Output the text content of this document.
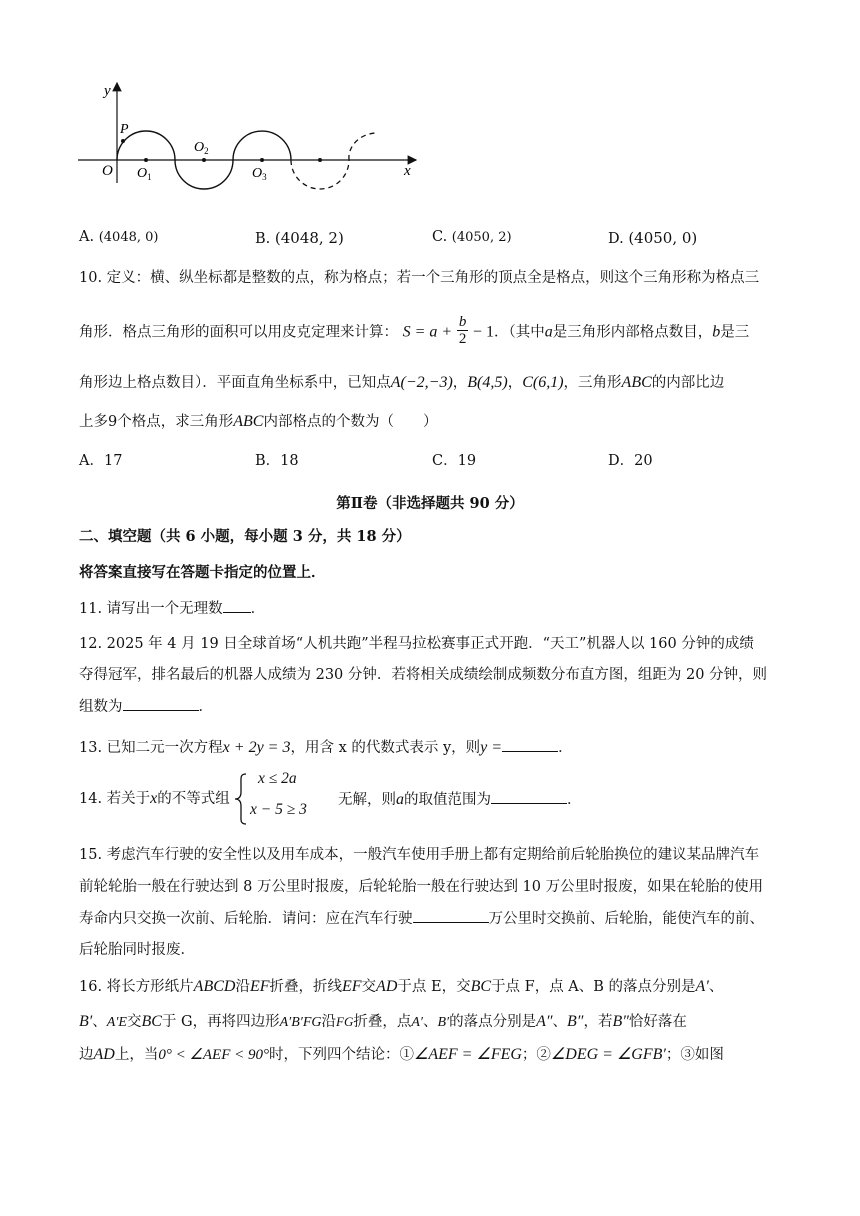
y
x
O
P
$O_1$
$O_2$
$O_3$
A. (4048, 0)	B. (4048, 2)	C. (4050, 2)	D. (4050, 0)
10. 定义：横、纵坐标都是整数的点，称为格点；若一个三角形的顶点全是格点，则这个三角形称为格点三
角形．格点三角形的面积可以用皮克定理来计算： $S = a + \frac{b}{2} - 1$．（其中a是三角形内部格点数目，b是三
角形边上格点数目）．平面直角坐标系中，已知点A(−2,−3)，B(4,5)，C(6,1)，三角形ABC的内部比边
上多9个格点，求三角形ABC内部格点的个数为（　　）
A．17	B．18	C．19	D．20
第Ⅱ卷（非选择题共 90 分）
二、填空题（共 6 小题，每小题 3 分，共 18 分）
将答案直接写在答题卡指定的位置上．
11. 请写出一个无理数 ．
12. 2025 年 4 月 19 日全球首场“人机共跑”半程马拉松赛事正式开跑．“天工”机器人以 160 分钟的成绩
夺得冠军，排名最后的机器人成绩为 230 分钟．若将相关成绩绘制成频数分布直方图，组距为 20 分钟，则
组数为	．
13. 已知二元一次方程x + 2y = 3，用含 x 的代数式表示 y，则y =	．
14. 若关于x的不等式组
x ≤ 2a
x − 5 ≥ 3
无解，则a的取值范围为	．
15. 考虑汽车行驶的安全性以及用车成本，一般汽车使用手册上都有定期给前后轮胎换位的建议某品牌汽车
前轮轮胎一般在行驶达到 8 万公里时报废，后轮轮胎一般在行驶达到 10 万公里时报废，如果在轮胎的使用
寿命内只交换一次前、后轮胎．请问：应在汽车行驶	万公里时交换前、后轮胎，能使汽车的前、
后轮胎同时报废．
16. 将长方形纸片ABCD沿EF折叠，折线EF交AD于点 E，交BC于点 F，点 A、B 的落点分别是A′、
B′、A′E交BC于 G，再将四边形A′B′FG沿FG折叠，点A′、B′的落点分别是A″、B″，若B″恰好落在
边AD上，当0° < ∠AEF < 90°时，下列四个结论：①∠AEF = ∠FEG；②∠DEG = ∠GFB′；③如图
